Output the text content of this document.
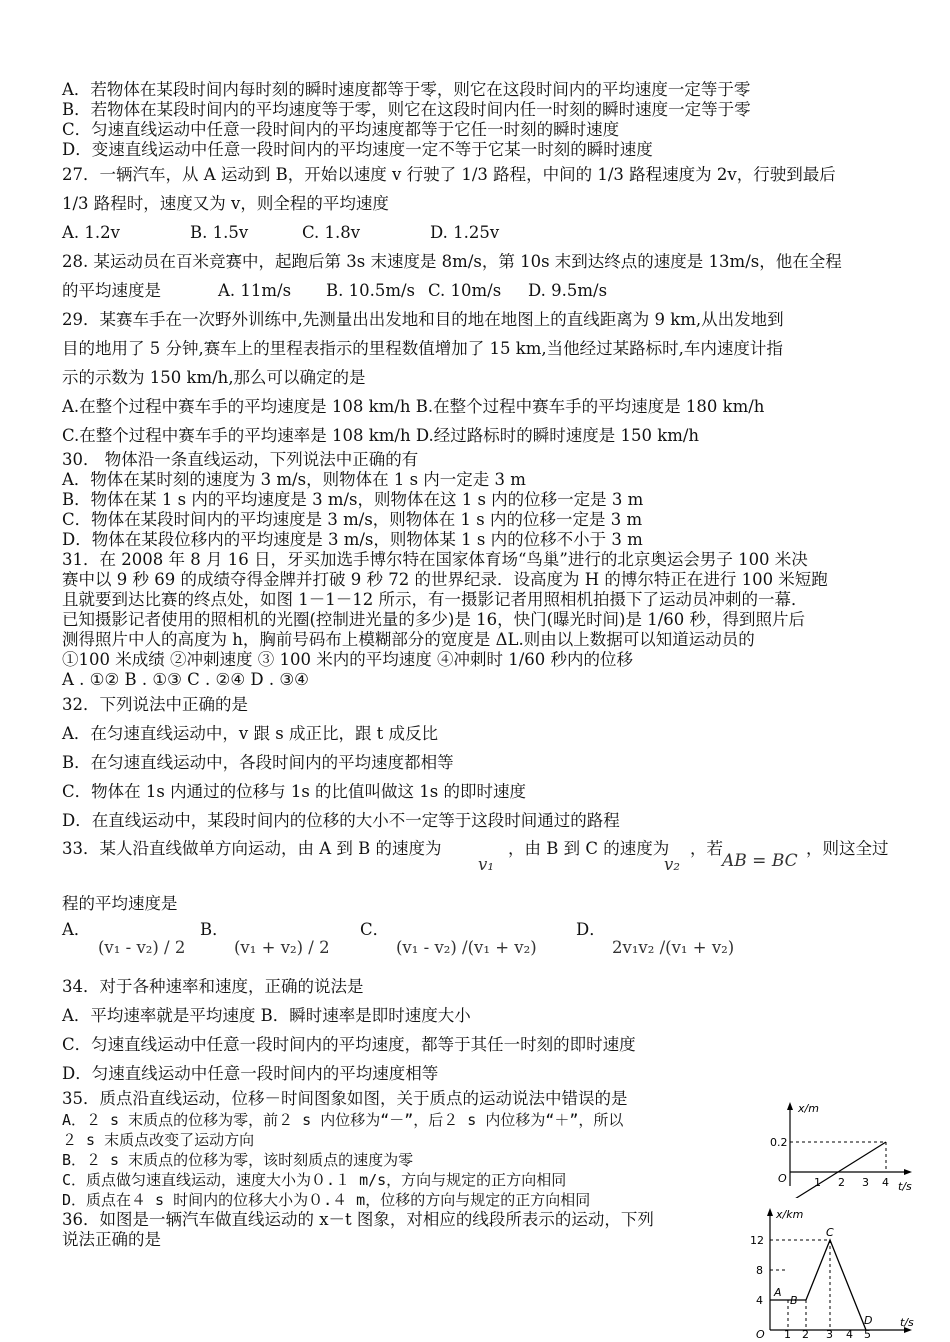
A．若物体在某段时间内每时刻的瞬时速度都等于零，则它在这段时间内的平均速度一定等于零
B．若物体在某段时间内的平均速度等于零，则它在这段时间内任一时刻的瞬时速度一定等于零
C．匀速直线运动中任意一段时间内的平均速度都等于它任一时刻的瞬时速度
D．变速直线运动中任意一段时间内的平均速度一定不等于它某一时刻的瞬时速度
27．一辆汽车，从 A 运动到 B，开始以速度 v 行驶了 1/3 路程，中间的 1/3 路程速度为 2v，行驶到最后
1/3 路程时，速度又为 v，则全程的平均速度
A. 1.2v	B. 1.5v	C. 1.8v	D. 1.25v
28. 某运动员在百米竞赛中，起跑后第 3s 末速度是 8m/s，第 10s 末到达终点的速度是 13m/s，他在全程
的平均速度是	A. 11m/s B. 10.5m/s C. 10m/s D. 9.5m/s
29．某赛车手在一次野外训练中,先测量出出发地和目的地在地图上的直线距离为 9 km,从出发地到
目的地用了 5 分钟,赛车上的里程表指示的里程数值增加了 15 km,当他经过某路标时,车内速度计指
示的示数为 150 km/h,那么可以确定的是
A.在整个过程中赛车手的平均速度是 108 km/h B.在整个过程中赛车手的平均速度是 180 km/h
C.在整个过程中赛车手的平均速率是 108 km/h D.经过路标时的瞬时速度是 150 km/h
30． 物体沿一条直线运动，下列说法中正确的有
A．物体在某时刻的速度为 3 m/s，则物体在 1 s 内一定走 3 m
B．物体在某 1 s 内的平均速度是 3 m/s，则物体在这 1 s 内的位移一定是 3 m
C．物体在某段时间内的平均速度是 3 m/s，则物体在 1 s 内的位移一定是 3 m
D．物体在某段位移内的平均速度是 3 m/s，则物体某 1 s 内的位移不小于 3 m
31．在 2008 年 8 月 16 日，牙买加选手博尔特在国家体育场“鸟巢”进行的北京奥运会男子 100 米决
赛中以 9 秒 69 的成绩夺得金牌并打破 9 秒 72 的世界纪录．设高度为 H 的博尔特正在进行 100 米短跑
且就要到达比赛的终点处，如图 1－1－12 所示，有一摄影记者用照相机拍摄下了运动员冲刺的一幕．
已知摄影记者使用的照相机的光圈(控制进光量的多少)是 16，快门(曝光时间)是 1/60 秒，得到照片后
测得照片中人的高度为 h，胸前号码布上模糊部分的宽度是 ΔL.则由以上数据可以知道运动员的
①100 米成绩 ②冲刺速度 ③ 100 米内的平均速度 ④冲刺时 1/60 秒内的位移
A . ①② B . ①③ C . ②④ D . ③④
32．下列说法中正确的是
A．在匀速直线运动中，v 跟 s 成正比，跟 t 成反比
B．在匀速直线运动中，各段时间内的平均速度都相等
C．物体在 1s 内通过的位移与 1s 的比值叫做这 1s 的即时速度
D．在直线运动中，某段时间内的位移的大小不一定等于这段时间通过的路程
33．某人沿直线做单方向运动，由 A 到 B 的速度为
v₁
，由 B 到 C 的速度为
v₂
，若
AB = BC
，则这全过
程的平均速度是
A．
(v₁ - v₂) / 2
B．
(v₁ + v₂) / 2
C．
(v₁ - v₂) /(v₁ + v₂)
D．
2v₁v₂ /(v₁ + v₂)
34．对于各种速率和速度，正确的说法是
A．平均速率就是平均速度 B．瞬时速率是即时速度大小
C．匀速直线运动中任意一段时间内的平均速度，都等于其任一时刻的即时速度
D．匀速直线运动中任意一段时间内的平均速度相等
35．质点沿直线运动，位移－时间图象如图，关于质点的运动说法中错误的是
A．２ s 末质点的位移为零，前２ s 内位移为“－”，后２ s 内位移为“＋”，所以
２ s 末质点改变了运动方向
B．２ s 末质点的位移为零，该时刻质点的速度为零
C．质点做匀速直线运动，速度大小为０.１ m/s，方向与规定的正方向相同
D．质点在４ s 时间内的位移大小为０.４ m，位移的方向与规定的正方向相同
36．如图是一辆汽车做直线运动的 x－t 图象，对相应的线段所表示的运动，下列
说法正确的是
x/m
t/s
O
0.2
1 2 3 4
x/km
t/s
O
12
8
4
1 2 3 4 5
A
B
C
D
